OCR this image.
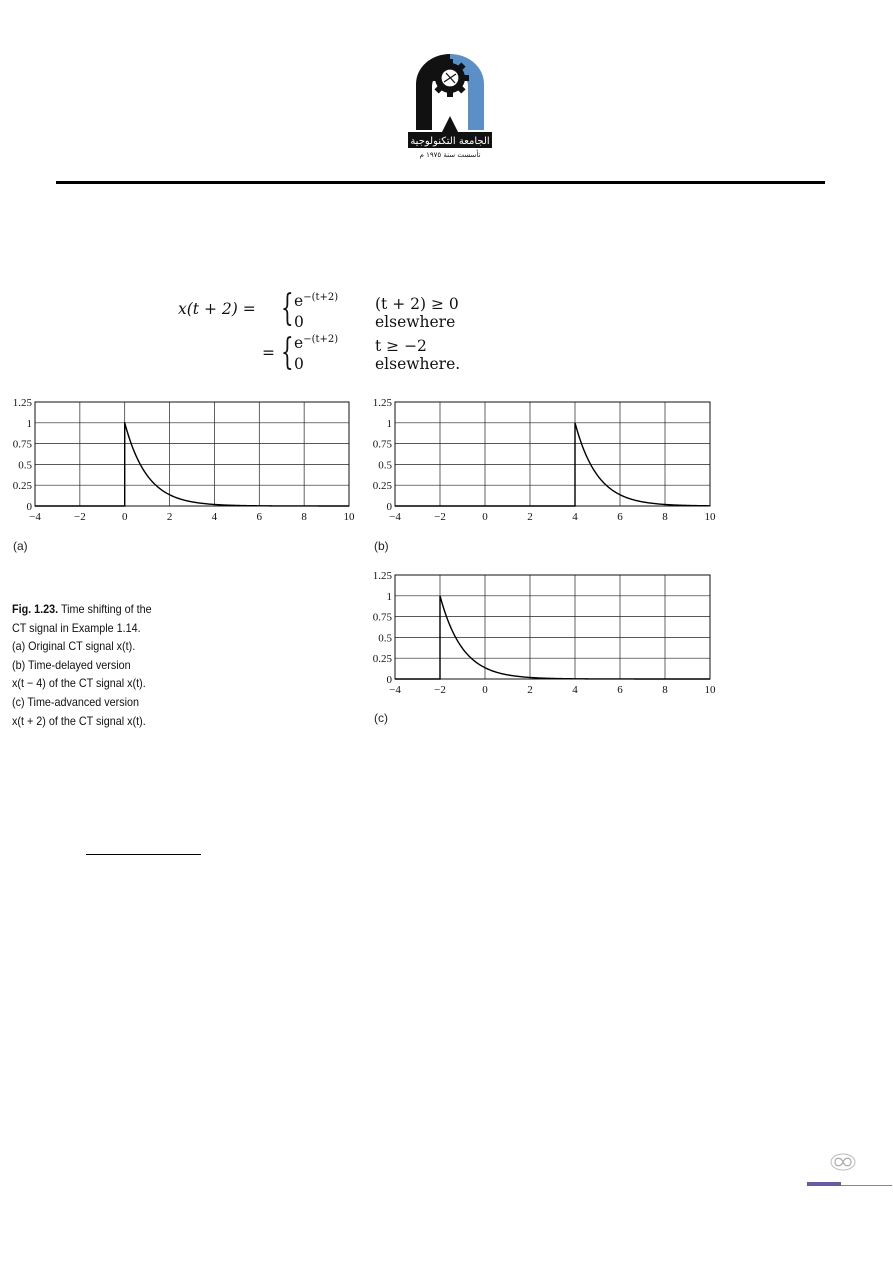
الجامعة التكنولوجية
تأسست سنة ١٩٧٥ م
x(t + 2) = { $e^{-(t+2)}$ (t + 2) ≥ 0
0	elsewhere
= { $e^{-(t+2)}$ t ≥ −2
0	elsewhere.
−4	−2	0	2	4	6	8	10
0
0.25
0.5
0.75
1
1.25
(a)
−4	−2	0	2	4	6	8	10
0
0.25
0.5
0.75
1
1.25
(b)
−4	−2	0	2	4	6	8	10
0
0.25
0.5
0.75
1
1.25
(c)
Fig. 1.23. Time shifting of the
CT signal in Example 1.14.
(a) Original CT signal x(t).
(b) Time-delayed version
x(t − 4) of the CT signal x(t).
(c) Time-advanced version
x(t + 2) of the CT signal x(t).
